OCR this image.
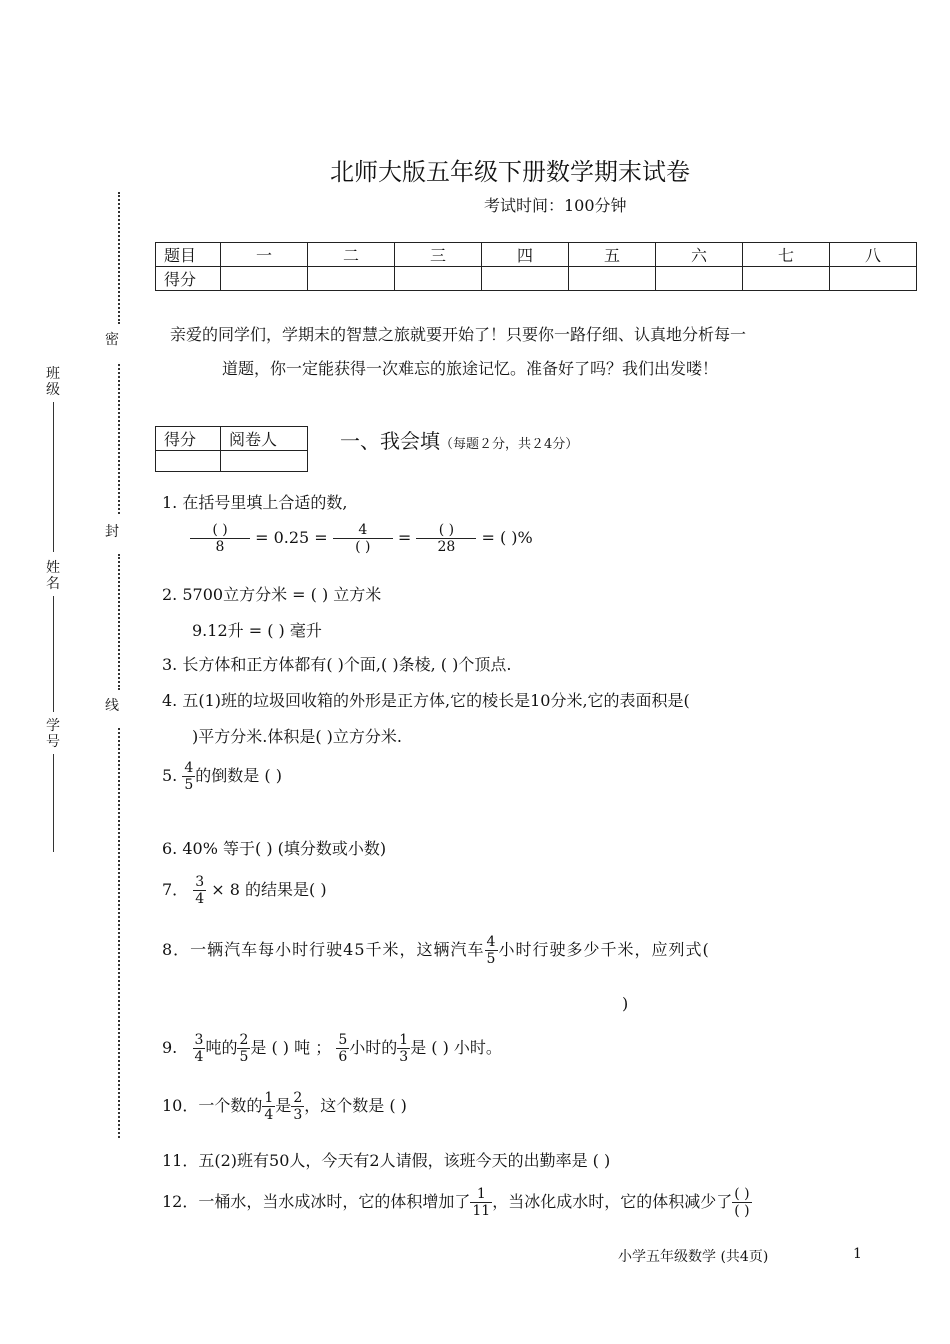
密
封
线
班级
姓名
学号
北师大版五年级下册数学期末试卷
考试时间：100分钟
题目	一	二	三	四	五	六	七	八
得分								

亲爱的同学们，学期末的智慧之旅就要开始了！只要你一路仔细、认真地分析每一

道题，你一定能获得一次难忘的旅途记忆。准备好了吗？我们出发喽！

得分	阅卷人
		一、我会填（每题２分，共２4分）
1. 在括号里填上合适的数,
$\frac{( )}{8} = 0.25 = \frac{4}{( )} = \frac{( )}{28}$ = ( )%
2. 5700立方分米 = ( ) 立方米
9.12升 = ( ) 毫升
3. 长方体和正方体都有( )个面,( )条棱, ( )个顶点.
4. 五(1)班的垃圾回收箱的外形是正方体,它的棱长是10分米,它的表面积是(
)平方分米.体积是( )立方分米.
5. $\frac{4}{5}$ 的倒数是 ( )
6. 40% 等于( ) (填分数或小数)
7． $\frac{3}{4} \times 8$ 的结果是( )
8．一辆汽车每小时行驶45千米，这辆汽车 $\frac{4}{5}$ 小时行驶多少千米，应列式(
)
9. $\frac{3}{4}$ 吨的 $\frac{2}{5}$ 是 ( ) 吨 ； $\frac{5}{6}$ 小时的 $\frac{1}{3}$ 是 ( ) 小时。
10．一个数的 $\frac{1}{4}$ 是 $\frac{2}{3}$ ，这个数是 ( )
11．五(2)班有50人，今天有2人请假，该班今天的出勤率是 ( )
12．一桶水，当水成冰时，它的体积增加了 $\frac{1}{11}$ ，当冰化成水时，它的体积减少了 $\frac{( )}{( )}$
小学五年级数学 (共4页)	1
